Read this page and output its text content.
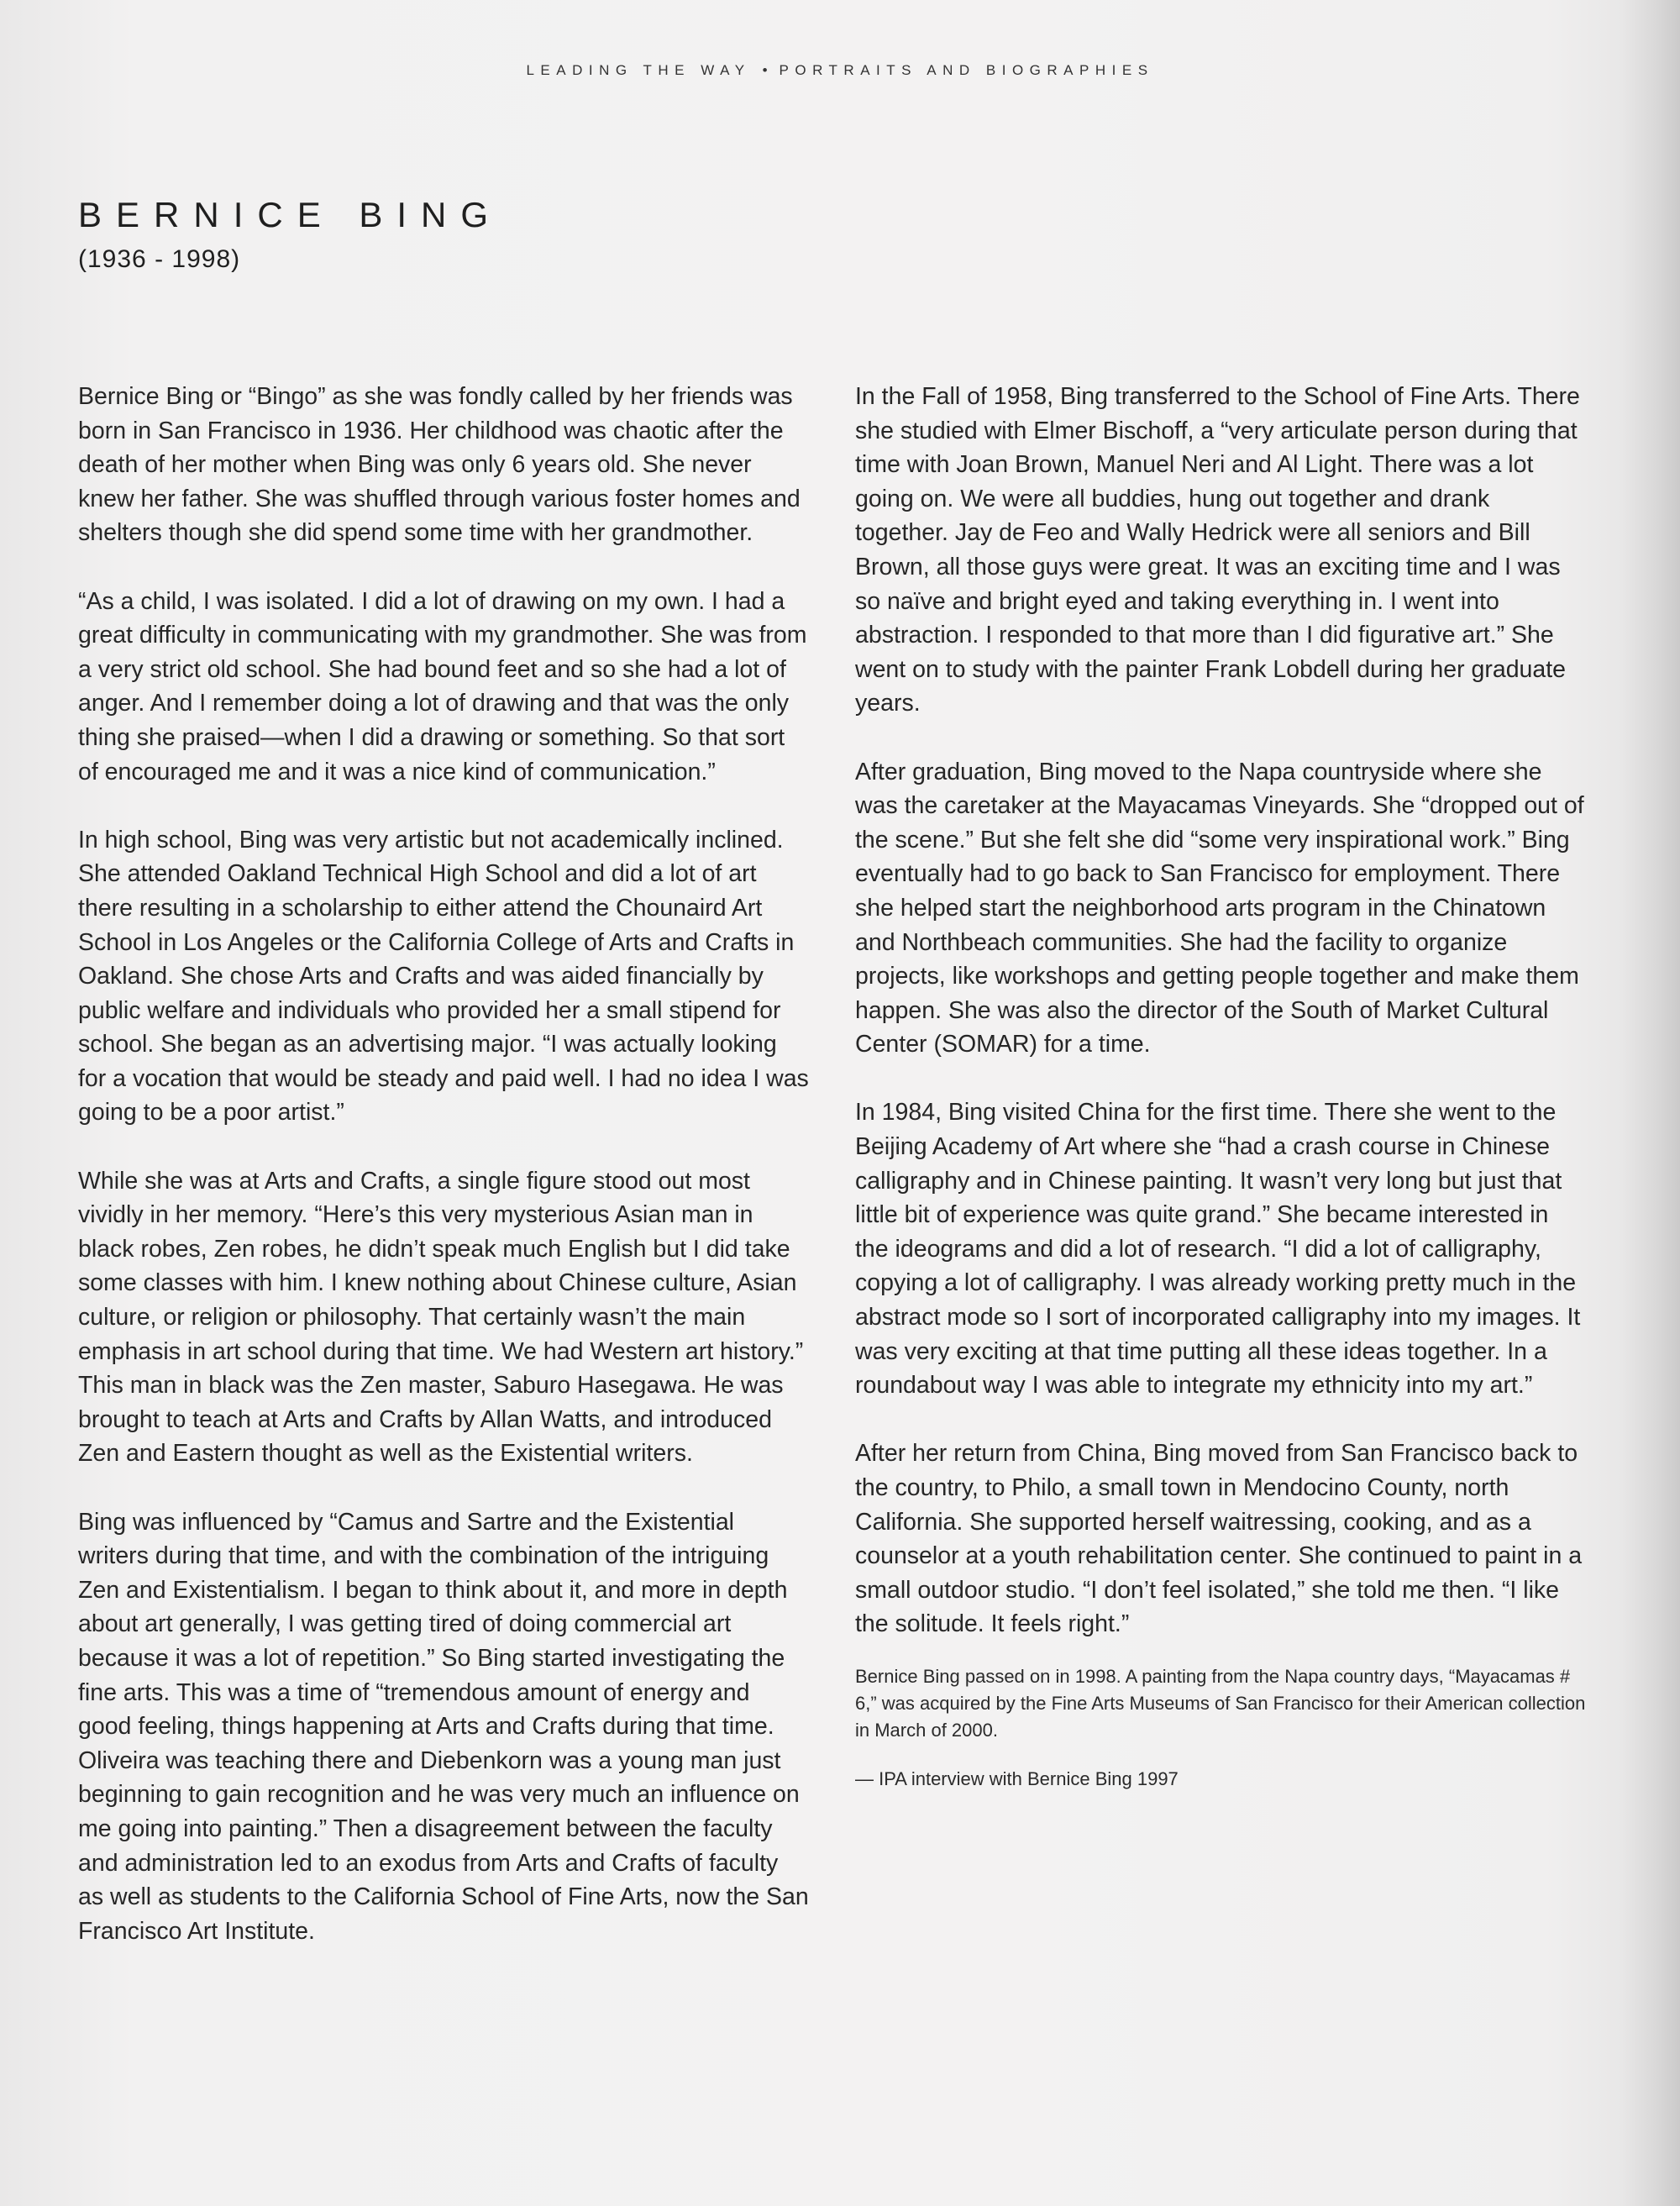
LEADING THE WAY • PORTRAITS AND BIOGRAPHIES
BERNICE BING
(1936 - 1998)

Bernice Bing or “Bingo” as she was fondly called by her friends was born in San Francisco in 1936. Her childhood was chaotic after the death of her mother when Bing was only 6 years old. She never knew her father. She was shuffled through various foster homes and shelters though she did spend some time with her grandmother.

“As a child, I was isolated. I did a lot of drawing on my own. I had a great difficulty in communicating with my grandmother. She was from a very strict old school. She had bound feet and so she had a lot of anger. And I remember doing a lot of drawing and that was the only thing she praised—when I did a drawing or something. So that sort of encouraged me and it was a nice kind of communication.”

In high school, Bing was very artistic but not academically inclined. She attended Oakland Technical High School and did a lot of art there resulting in a scholarship to either attend the Chounaird Art School in Los Angeles or the California College of Arts and Crafts in Oakland. She chose Arts and Crafts and was aided financially by public welfare and individuals who provided her a small stipend for school. She began as an advertising major. “I was actually looking for a vocation that would be steady and paid well. I had no idea I was going to be a poor artist.”

While she was at Arts and Crafts, a single figure stood out most vividly in her memory. “Here’s this very mysterious Asian man in black robes, Zen robes, he didn’t speak much English but I did take some classes with him. I knew nothing about Chinese culture, Asian culture, or religion or philosophy. That certainly wasn’t the main emphasis in art school during that time. We had Western art history.” This man in black was the Zen master, Saburo Hasegawa. He was brought to teach at Arts and Crafts by Allan Watts, and introduced Zen and Eastern thought as well as the Existential writers.

Bing was influenced by “Camus and Sartre and the Existential writers during that time, and with the combination of the intriguing Zen and Existentialism. I began to think about it, and more in depth about art generally, I was getting tired of doing commercial art because it was a lot of repetition.” So Bing started investigating the fine arts. This was a time of “tremendous amount of energy and good feeling, things happening at Arts and Crafts during that time. Oliveira was teaching there and Diebenkorn was a young man just beginning to gain recognition and he was very much an influence on me going into painting.” Then a disagreement between the faculty and administration led to an exodus from Arts and Crafts of faculty as well as students to the California School of Fine Arts, now the San Francisco Art Institute.

In the Fall of 1958, Bing transferred to the School of Fine Arts. There she studied with Elmer Bischoff, a “very articulate person during that time with Joan Brown, Manuel Neri and Al Light. There was a lot going on. We were all buddies, hung out together and drank together. Jay de Feo and Wally Hedrick were all seniors and Bill Brown, all those guys were great. It was an exciting time and I was so naïve and bright eyed and taking everything in. I went into abstraction. I responded to that more than I did figurative art.” She went on to study with the painter Frank Lobdell during her graduate years.

After graduation, Bing moved to the Napa countryside where she was the caretaker at the Mayacamas Vineyards. She “dropped out of the scene.” But she felt she did “some very inspirational work.” Bing eventually had to go back to San Francisco for employment. There she helped start the neighborhood arts program in the Chinatown and Northbeach communities. She had the facility to organize projects, like workshops and getting people together and make them happen. She was also the director of the South of Market Cultural Center (SOMAR) for a time.

In 1984, Bing visited China for the first time. There she went to the Beijing Academy of Art where she “had a crash course in Chinese calligraphy and in Chinese painting. It wasn’t very long but just that little bit of experience was quite grand.” She became interested in the ideograms and did a lot of research. “I did a lot of calligraphy, copying a lot of calligraphy. I was already working pretty much in the abstract mode so I sort of incorporated calligraphy into my images. It was very exciting at that time putting all these ideas together. In a roundabout way I was able to integrate my ethnicity into my art.”

After her return from China, Bing moved from San Francisco back to the country, to Philo, a small town in Mendocino County, north California. She supported herself waitressing, cooking, and as a counselor at a youth rehabilitation center. She continued to paint in a small outdoor studio. “I don’t feel isolated,” she told me then. “I like the solitude. It feels right.”

Bernice Bing passed on in 1998. A painting from the Napa country days, “Mayacamas # 6,” was acquired by the Fine Arts Museums of San Francisco for their American collection in March of 2000.

— IPA interview with Bernice Bing 1997
